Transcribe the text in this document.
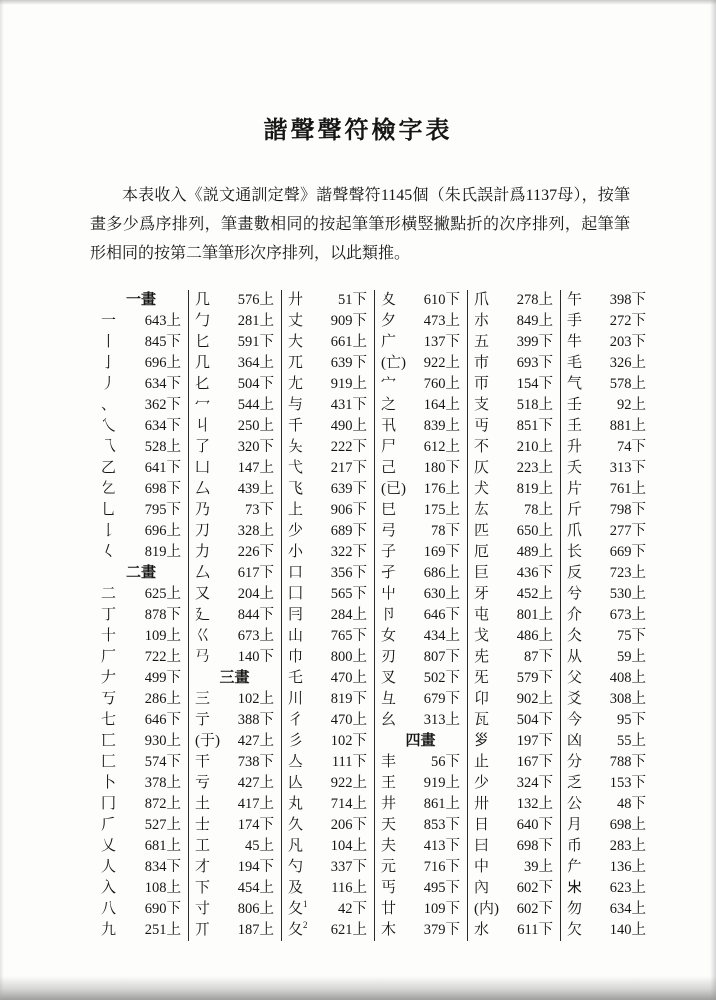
諧聲聲符檢字表

本表收入《説文通訓定聲》諧聲聲符1145個（朱氏誤計爲1137母），按筆畫多少爲序排列，筆畫數相同的按起筆筆形橫竪撇點折的次序排列，起筆筆形相同的按第二筆筆形次序排列，以此類推。

一畫
一 643上
丨 845下
亅 696上
丿 634下
、 362下
乀 634下
乁 528上
乙 641下
𠃉 698下
乚 795下
𠄌 696上
𡿨 819上
二畫
二 625上
丁 878下
十 109上
厂 722上
𠂇 499下
丂 286上
七 646下
匸 930上
匚 574下
卜 378上
冂 872上
𠂆 527上
乂 681上
人 834下
入 108上
八 690下
九 251上
几 576上
勹 281上
匕 591下
几 364上
𠤎 504下
冖 544上
丩 250上
了 320下
凵 147上
厶 439上
乃 73下
刀 328上
力 226下
厶 617下
又 204上
廴 844下
巜 673上
𢎘 140下
三畫
三 102上
亍 388下
(于) 427上
干 738下
亏 427上
土 417上
士 174下
工 45上
才 194下
下 454上
寸 806上
丌 187上
廾 51下
丈 909下
大 661上
兀 639下
尢 919上
与 431下
千 490上
夨 222下
弋 217下
飞 639下
上 906下
少 689下
小 322下
口 356下
囗 565下
冃 284上
山 765下
巾 800上
乇 470上
川 819下
彳 470上
彡 102下
亼 111下
亾 922上
丸 714上
久 206下
凡 104上
勺 337下
及 116上
夂$^1$ 42下
夂$^2$ 621上
夊 610下
夕 473上
广 137下
(亡) 922上
宀 760上
之 164上
卂 839上
尸 612上
己 180下
(已) 176上
巳 175上
弓 78下
子 169下
孑 686上
屮 630上
卪 646下
女 434上
刃 807下
叉 502下
彑 679下
幺 313上
四畫
丰 56下
王 919上
井 861上
天 853下
夫 413下
元 716下
丐 495下
廿 109下
木 379下
爪 278上
朩 849上
五 399下
巿 693下
帀 154下
支 518上
丏 851下
不 210上
仄 223上
犬 819上
厷 78上
匹 650上
厄 489上
巨 436下
牙 452上
屯 801上
戈 486上
兂 87下
旡 579下
卬 902上
瓦 504下
𡿪 197下
止 167下
少 324下
卅 132上
日 640下
曰 698下
中 39上
內 602下
(内) 602下
水 611下
午 398下
手 272下
牛 203下
毛 326上
气 578上
壬 92上
𡈼 881上
升 74下
夭 313下
片 761上
斤 798下
爪 277下
长 669下
反 723上
兮 530上
介 673上
仌 75下
从 59上
父 408上
爻 308上
今 95下
凶 55上
分 788下
乏 153下
公 48下
月 698上
币 283上
厃 136上
𣎵 623上
勿 634上
欠 140上
